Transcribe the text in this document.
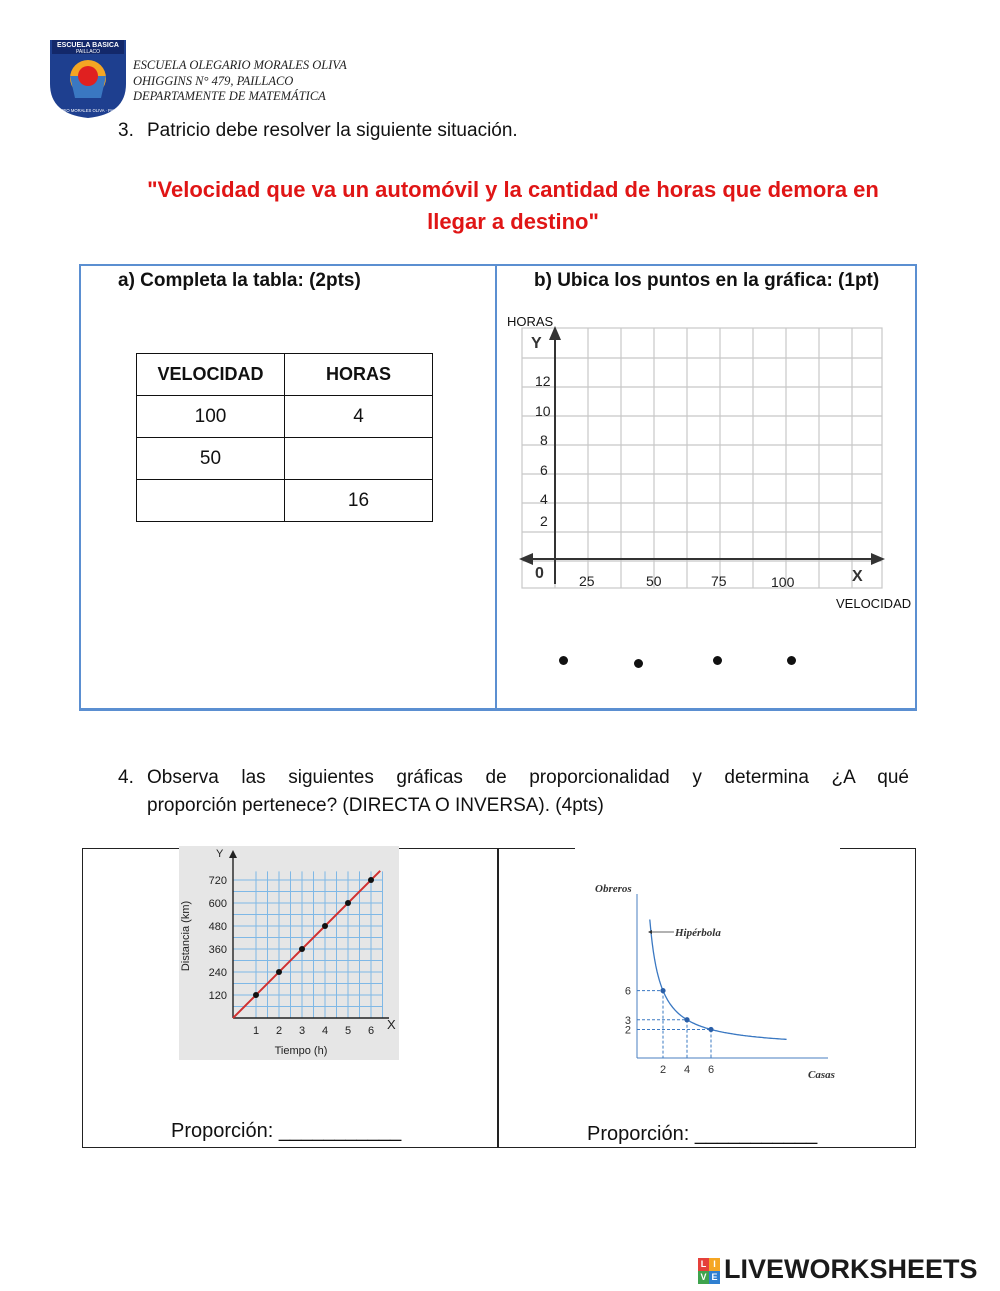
ESCUELA BASICA
PAILLACO
OLEGARIO MORALES OLIVA · PAILLACO
ESCUELA OLEGARIO MORALES OLIVA
OHIGGINS N° 479, PAILLACO
DEPARTAMENTE DE MATEMÁTICA
3. Patricio debe resolver la siguiente situación.
"Velocidad que va un automóvil y la cantidad de horas que demora en
llegar a destino"
a) Completa la tabla: (2pts)	b) Ubica los puntos en la gráfica: (1pt)
VELOCIDAD	HORAS
100	4
50	
	16
HORAS
Y
X
0
12
10
8
6
4
2
25	50	75	100
VELOCIDAD
4. Observa las siguientes gráficas de proporcionalidad y determina ¿A qué
proporción pertenece? (DIRECTA O INVERSA). (4pts)
Y
X
720
600
480
360
240
120
1 2 3 4 5 6
Tiempo (h)
Distancia (km)
Obreros
Hipérbola
Casas
6
3
2
2 4 6
Proporción: ___________	Proporción: ___________
L I
V E LIVEWORKSHEETS
